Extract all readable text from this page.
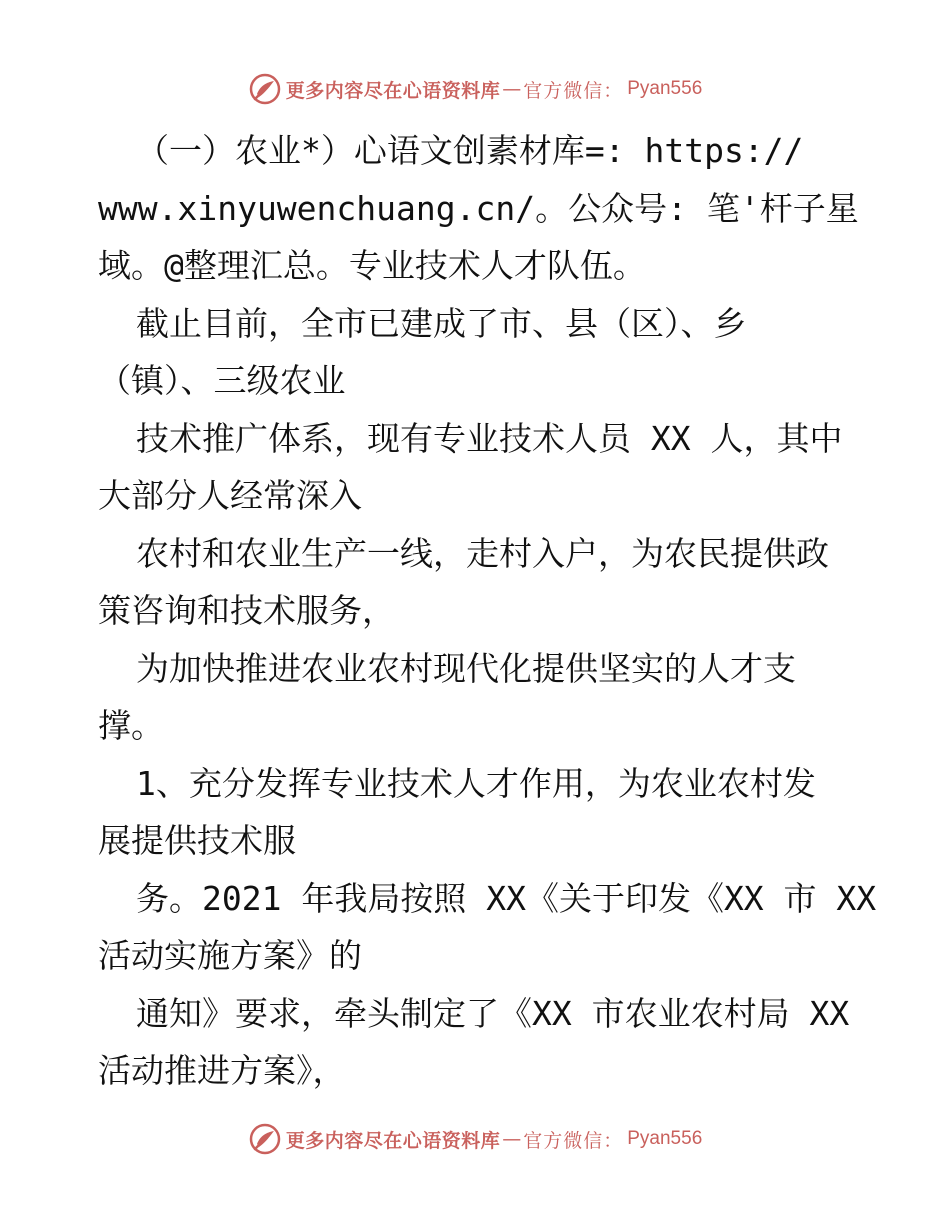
更多内容尽在心语资料库 — 官方微信： Pyan556
（一）农业*）心语文创素材库=: https://
www.xinyuwenchuang.cn/。公众号: 笔'杆子星
域。@整理汇总。专业技术人才队伍。
截止目前，全市已建成了市、县（区）、乡
（镇）、三级农业
技术推广体系，现有专业技术人员 XX 人，其中
大部分人经常深入
农村和农业生产一线，走村入户，为农民提供政
策咨询和技术服务，
为加快推进农业农村现代化提供坚实的人才支
撑。
1、充分发挥专业技术人才作用，为农业农村发
展提供技术服
务。2021 年我局按照 XX《关于印发《XX 市 XX
活动实施方案》的
通知》要求，牵头制定了《XX 市农业农村局 XX
活动推进方案》，
更多内容尽在心语资料库 — 官方微信： Pyan556
